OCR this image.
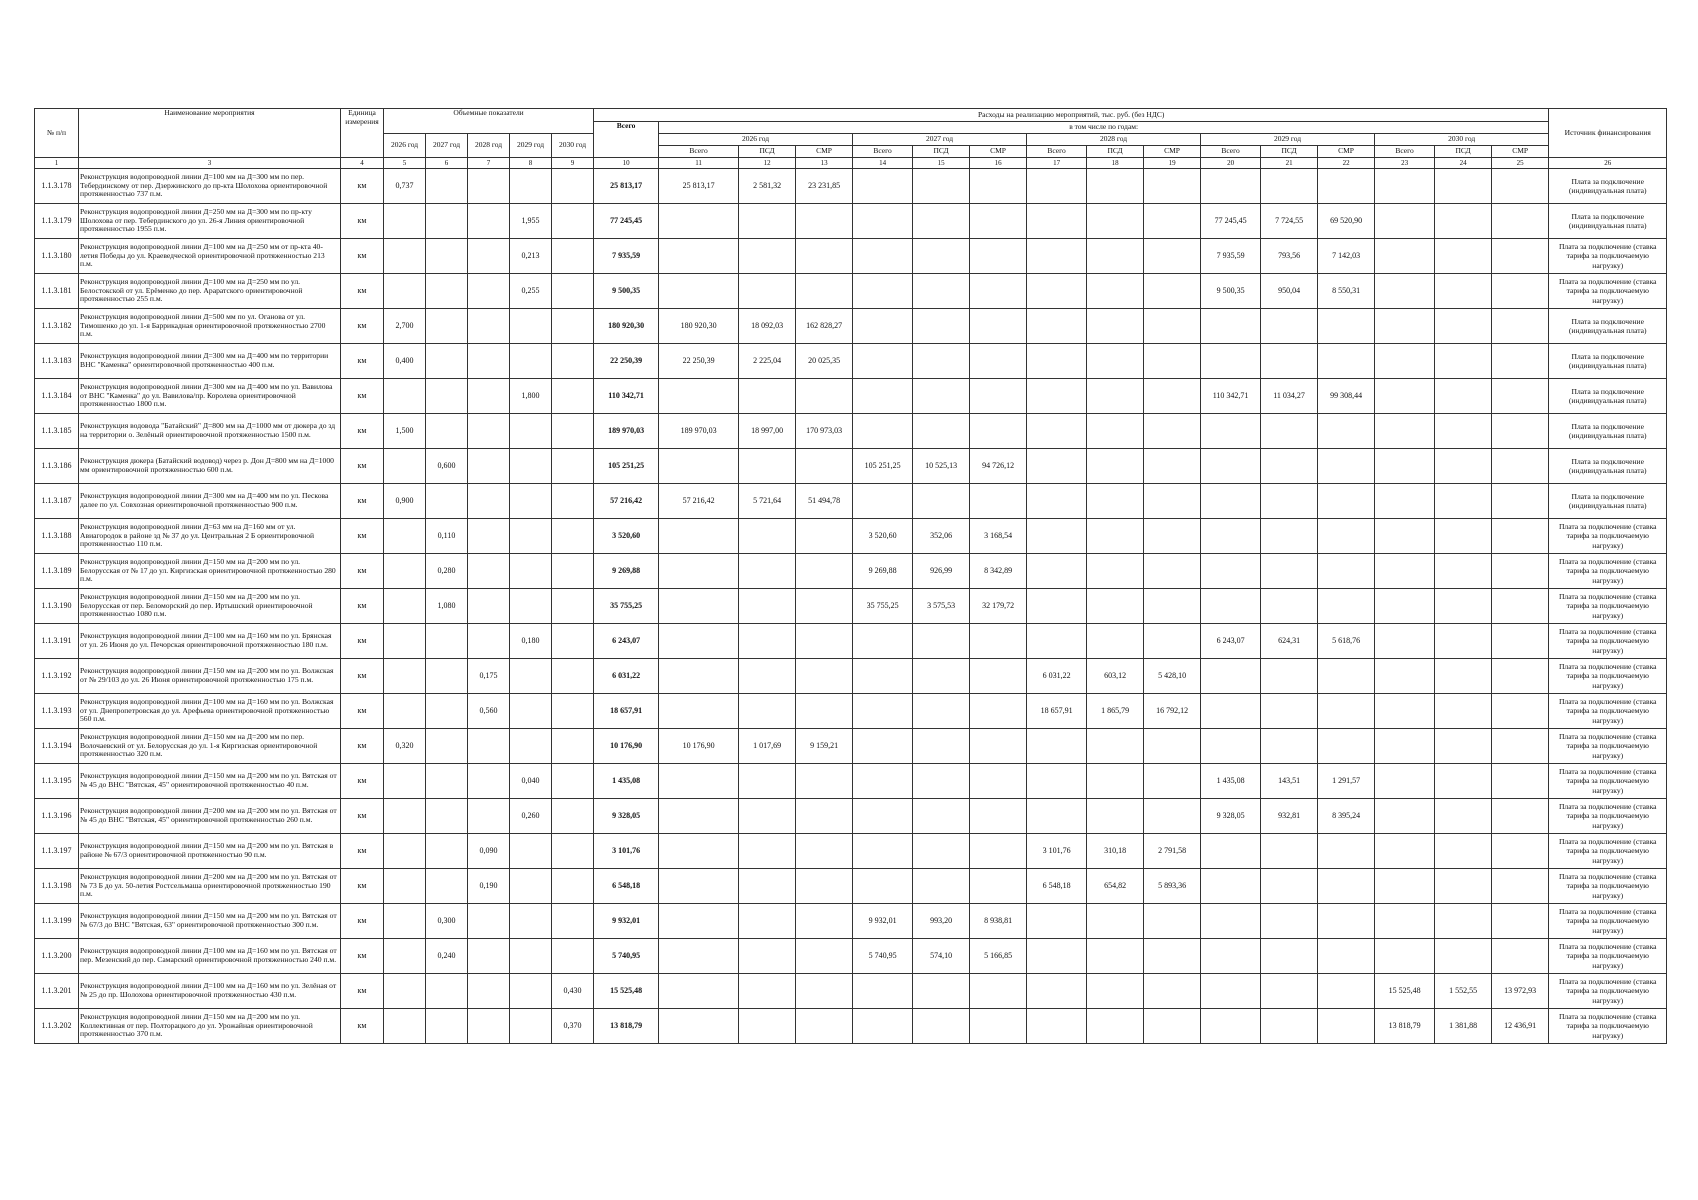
№ п/п	Наименование мероприятия	Единица измерения	Объемные показатели					Расходы на реализацию мероприятий, тыс. руб. (без НДС)																Источник финансирования
								Всего	в том числе по годам:															
			2026 год	2027 год	2028 год	2029 год	2030 год		2026 год			2027 год			2028 год			2029 год			2030 год			
									Всего	ПСД	СМР	Всего	ПСД	СМР	Всего	ПСД	СМР	Всего	ПСД	СМР	Всего	ПСД	СМР	
1	3	4	5	6	7	8	9	10	11	12	13	14	15	16	17	18	19	20	21	22	23	24	25	26
1.1.3.178	Реконструкция водопроводной линии Д=100 мм на Д=300 мм по пер. Тебердинскому от пер. Дзержинского до пр-кта Шолохова ориентировочной протяженностью 737 п.м.	км	0,737					25 813,17	25 813,17	2 581,32	23 231,85													Плата за подключение (индивидуальная плата)
1.1.3.179	Реконструкция водопроводной линии Д=250 мм на Д=300 мм по пр-кту Шолохова от пер. Тебердинского до ул. 26-я Линия ориентировочной протяженностью 1955 п.м.	км				1,955		77 245,45										77 245,45	7 724,55	69 520,90				Плата за подключение (индивидуальная плата)
1.1.3.180	Реконструкция водопроводной линии Д=100 мм на Д=250 мм от пр-кта 40-летия Победы до ул. Краеведческой ориентировочной протяженностью 213 п.м.	км				0,213		7 935,59										7 935,59	793,56	7 142,03				Плата за подключение (ставка тарифа за подключаемую нагрузку)
1.1.3.181	Реконструкция водопроводной линии Д=100 мм на Д=250 мм по ул. Белостокской от ул. Ерёменко до пер. Араратского ориентировочной протяженностью 255 п.м.	км				0,255		9 500,35										9 500,35	950,04	8 550,31				Плата за подключение (ставка тарифа за подключаемую нагрузку)
1.1.3.182	Реконструкция водопроводной линии Д=500 мм по ул. Оганова от ул. Тимошенко до ул. 1-я Баррикадная ориентировочной протяженностью 2700 п.м.	км	2,700					180 920,30	180 920,30	18 092,03	162 828,27													Плата за подключение (индивидуальная плата)
1.1.3.183	Реконструкция водопроводной линии Д=300 мм на Д=400 мм по территории ВНС "Каменка" ориентировочной протяженностью 400 п.м.	км	0,400					22 250,39	22 250,39	2 225,04	20 025,35													Плата за подключение (индивидуальная плата)
1.1.3.184	Реконструкция водопроводной линии Д=300 мм на Д=400 мм по ул. Вавилова от ВНС "Каменка" до ул. Вавилова/пр. Королева ориентировочной протяженностью 1800 п.м.	км				1,800		110 342,71										110 342,71	11 034,27	99 308,44				Плата за подключение (индивидуальная плата)
1.1.3.185	Реконструкция водовода "Батайский" Д=800 мм на Д=1000 мм от дюкера до зд на территории о. Зелёный ориентировочной протяженностью 1500 п.м.	км	1,500					189 970,03	189 970,03	18 997,00	170 973,03													Плата за подключение (индивидуальная плата)
1.1.3.186	Реконструкция дюкера (Батайский водовод) через р. Дон Д=800 мм на Д=1000 мм ориентировочной протяженностью 600 п.м.	км		0,600				105 251,25				105 251,25	10 525,13	94 726,12										Плата за подключение (индивидуальная плата)
1.1.3.187	Реконструкция водопроводной линии Д=300 мм на Д=400 мм по ул. Пескова далее по ул. Совхозная ориентировочной протяженностью 900 п.м.	км	0,900					57 216,42	57 216,42	5 721,64	51 494,78													Плата за подключение (индивидуальная плата)
1.1.3.188	Реконструкция водопроводной линии Д=63 мм на Д=160 мм от ул. Авиагородок в районе зд № 37 до ул. Центральная 2 Б ориентировочной протяженностью 110 п.м.	км		0,110				3 520,60				3 520,60	352,06	3 168,54										Плата за подключение (ставка тарифа за подключаемую нагрузку)
1.1.3.189	Реконструкция водопроводной линии Д=150 мм на Д=200 мм по ул. Белорусская от № 17 до ул. Киргизская ориентировочной протяженностью 280 п.м.	км		0,280				9 269,88				9 269,88	926,99	8 342,89										Плата за подключение (ставка тарифа за подключаемую нагрузку)
1.1.3.190	Реконструкция водопроводной линии Д=150 мм на Д=200 мм по ул. Белорусская от пер. Беломорский до пер. Иртышский ориентировочной протяженностью 1080 п.м.	км		1,080				35 755,25				35 755,25	3 575,53	32 179,72										Плата за подключение (ставка тарифа за подключаемую нагрузку)
1.1.3.191	Реконструкция водопроводной линии Д=100 мм на Д=160 мм по ул. Брянская от ул. 26 Июня до ул. Печорская ориентировочной протяженностью 180 п.м.	км				0,180		6 243,07										6 243,07	624,31	5 618,76				Плата за подключение (ставка тарифа за подключаемую нагрузку)
1.1.3.192	Реконструкция водопроводной линии Д=150 мм на Д=200 мм по ул. Волжская от № 29/103 до ул. 26 Июня ориентировочной протяженностью 175 п.м.	км			0,175			6 031,22							6 031,22	603,12	5 428,10							Плата за подключение (ставка тарифа за подключаемую нагрузку)
1.1.3.193	Реконструкция водопроводной линии Д=100 мм на Д=160 мм по ул. Волжская от ул. Днепропетровская до ул. Арефьева ориентировочной протяженностью 560 п.м.	км			0,560			18 657,91							18 657,91	1 865,79	16 792,12							Плата за подключение (ставка тарифа за подключаемую нагрузку)
1.1.3.194	Реконструкция водопроводной линии Д=150 мм на Д=200 мм по пер. Волочаевский от ул. Белорусская до ул. 1-я Киргизская ориентировочной протяженностью 320 п.м.	км	0,320					10 176,90	10 176,90	1 017,69	9 159,21													Плата за подключение (ставка тарифа за подключаемую нагрузку)
1.1.3.195	Реконструкция водопроводной линии Д=150 мм на Д=200 мм по ул. Вятская от № 45 до ВНС "Вятская, 45" ориентировочной протяженностью 40 п.м.	км				0,040		1 435,08										1 435,08	143,51	1 291,57				Плата за подключение (ставка тарифа за подключаемую нагрузку)
1.1.3.196	Реконструкция водопроводной линии Д=200 мм на Д=200 мм по ул. Вятская от № 45 до ВНС "Вятская, 45" ориентировочной протяженностью 260 п.м.	км				0,260		9 328,05										9 328,05	932,81	8 395,24				Плата за подключение (ставка тарифа за подключаемую нагрузку)
1.1.3.197	Реконструкция водопроводной линии Д=150 мм на Д=200 мм по ул. Вятская в районе № 67/3 ориентировочной протяженностью 90 п.м.	км			0,090			3 101,76							3 101,76	310,18	2 791,58							Плата за подключение (ставка тарифа за подключаемую нагрузку)
1.1.3.198	Реконструкция водопроводной линии Д=200 мм на Д=200 мм по ул. Вятская от № 73 Б до ул. 50-летия Ростсельмаша ориентировочной протяженностью 190 п.м.	км			0,190			6 548,18							6 548,18	654,82	5 893,36							Плата за подключение (ставка тарифа за подключаемую нагрузку)
1.1.3.199	Реконструкция водопроводной линии Д=150 мм на Д=200 мм по ул. Вятская от № 67/3 до ВНС "Вятская, 63" ориентировочной протяженностью 300 п.м.	км		0,300				9 932,01				9 932,01	993,20	8 938,81										Плата за подключение (ставка тарифа за подключаемую нагрузку)
1.1.3.200	Реконструкция водопроводной линии Д=100 мм на Д=160 мм по ул. Вятская от пер. Мезенский до пер. Самарский ориентировочной протяженностью 240 п.м.	км		0,240				5 740,95				5 740,95	574,10	5 166,85										Плата за подключение (ставка тарифа за подключаемую нагрузку)
1.1.3.201	Реконструкция водопроводной линии Д=100 мм на Д=160 мм по ул. Зелёная от № 25 до пр. Шолохова ориентировочной протяженностью 430 п.м.	км					0,430	15 525,48													15 525,48	1 552,55	13 972,93	Плата за подключение (ставка тарифа за подключаемую нагрузку)
1.1.3.202	Реконструкция водопроводной линии Д=150 мм на Д=200 мм по ул. Коллективная от пер. Полторацкого до ул. Урожайная ориентировочной протяженностью 370 п.м.	км					0,370	13 818,79													13 818,79	1 381,88	12 436,91	Плата за подключение (ставка тарифа за подключаемую нагрузку)
